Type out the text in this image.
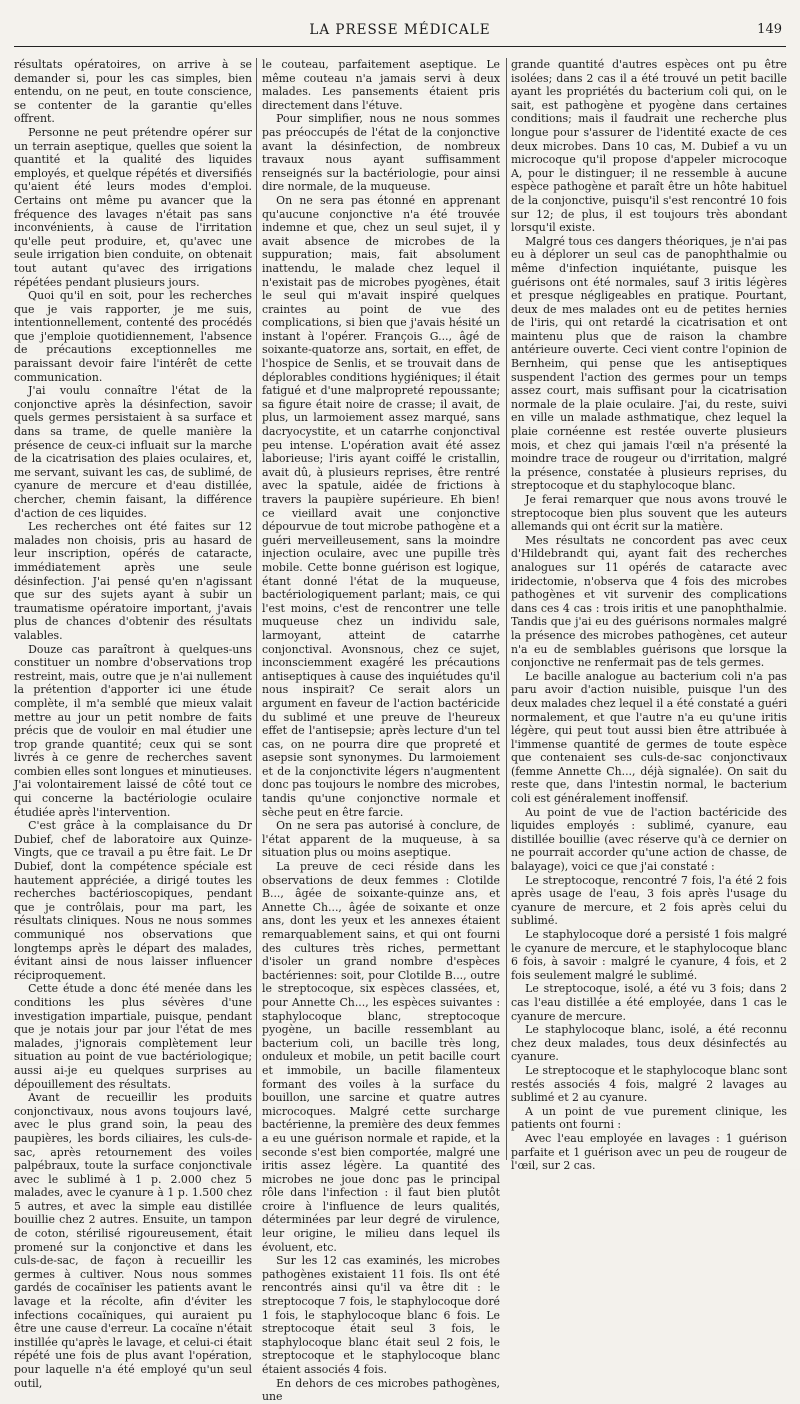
LA PRESSE MÉDICALE	149

résultats opératoires, on arrive à se demander si, pour les cas simples, bien entendu, on ne peut, en toute conscience, se contenter de la garantie qu'elles offrent.

Personne ne peut prétendre opérer sur un terrain aseptique, quelles que soient la quantité et la qualité des liquides employés, et quelque répétés et diversifiés qu'aient été leurs modes d'emploi. Certains ont même pu avancer que la fréquence des lavages n'était pas sans inconvénients, à cause de l'irritation qu'elle peut produire, et, qu'avec une seule irrigation bien conduite, on obtenait tout autant qu'avec des irrigations répétées pendant plusieurs jours.

Quoi qu'il en soit, pour les recherches que je vais rapporter, je me suis, intentionnellement, contenté des procédés que j'emploie quotidiennement, l'absence de précautions exceptionnelles me paraissant devoir faire l'intérêt de cette communication.

J'ai voulu connaître l'état de la conjonctive après la désinfection, savoir quels germes persistaient à sa surface et dans sa trame, de quelle manière la présence de ceux-ci influait sur la marche de la cicatrisation des plaies oculaires, et, me servant, suivant les cas, de sublimé, de cyanure de mercure et d'eau distillée, chercher, chemin faisant, la différence d'action de ces liquides.

Les recherches ont été faites sur 12 malades non choisis, pris au hasard de leur inscription, opérés de cataracte, immédiatement après une seule désinfection. J'ai pensé qu'en n'agissant que sur des sujets ayant à subir un traumatisme opératoire important, j'avais plus de chances d'obtenir des résultats valables.

Douze cas paraîtront à quelques-uns constituer un nombre d'observations trop restreint, mais, outre que je n'ai nullement la prétention d'apporter ici une étude complète, il m'a semblé que mieux valait mettre au jour un petit nombre de faits précis que de vouloir en mal étudier une trop grande quantité; ceux qui se sont livrés à ce genre de recherches savent combien elles sont longues et minutieuses. J'ai volontairement laissé de côté tout ce qui concerne la bactériologie oculaire étudiée après l'intervention.

C'est grâce à la complaisance du Dr Dubief, chef de laboratoire aux Quinze-Vingts, que ce travail a pu être fait. Le Dr Dubief, dont la compétence spéciale est hautement appréciée, a dirigé toutes les recherches bactérioscopiques, pendant que je contrôlais, pour ma part, les résultats cliniques. Nous ne nous sommes communiqué nos observations que longtemps après le départ des malades, évitant ainsi de nous laisser influencer réciproquement.

Cette étude a donc été menée dans les conditions les plus sévères d'une investigation impartiale, puisque, pendant que je notais jour par jour l'état de mes malades, j'ignorais complètement leur situation au point de vue bactériologique; aussi ai-je eu quelques surprises au dépouillement des résultats.

Avant de recueillir les produits conjonctivaux, nous avons toujours lavé, avec le plus grand soin, la peau des paupières, les bords ciliaires, les culs-de-sac, après retournement des voiles palpébraux, toute la surface conjonctivale avec le sublimé à 1 p. 2.000 chez 5 malades, avec le cyanure à 1 p. 1.500 chez 5 autres, et avec la simple eau distillée bouillie chez 2 autres. Ensuite, un tampon de coton, stérilisé rigoureusement, était promené sur la conjonctive et dans les culs-de-sac, de façon à recueillir les germes à cultiver. Nous nous sommes gardés de cocaïniser les patients avant le lavage et la récolte, afin d'éviter les infections cocaïniques, qui auraient pu être une cause d'erreur. La cocaïne n'était instillée qu'après le lavage, et celui-ci était répété une fois de plus avant l'opération, pour laquelle n'a été employé qu'un seul outil,

le couteau, parfaitement aseptique. Le même couteau n'a jamais servi à deux malades. Les pansements étaient pris directement dans l'étuve.

Pour simplifier, nous ne nous sommes pas préoccupés de l'état de la conjonctive avant la désinfection, de nombreux travaux nous ayant suffisamment renseignés sur la bactériologie, pour ainsi dire normale, de la muqueuse.

On ne sera pas étonné en apprenant qu'aucune conjonctive n'a été trouvée indemne et que, chez un seul sujet, il y avait absence de microbes de la suppuration; mais, fait absolument inattendu, le malade chez lequel il n'existait pas de microbes pyogènes, était le seul qui m'avait inspiré quelques craintes au point de vue des complications, si bien que j'avais hésité un instant à l'opérer. François G..., âgé de soixante-quatorze ans, sortait, en effet, de l'hospice de Senlis, et se trouvait dans de déplorables conditions hygiéniques; il était fatigué et d'une malpropreté repoussante; sa figure était noire de crasse; il avait, de plus, un larmoiement assez marqué, sans dacryocystite, et un catarrhe conjonctival peu intense. L'opération avait été assez laborieuse; l'iris ayant coiffé le cristallin, avait dû, à plusieurs reprises, être rentré avec la spatule, aidée de frictions à travers la paupière supérieure. Eh bien! ce vieillard avait une conjonctive dépourvue de tout microbe pathogène et a guéri merveilleusement, sans la moindre injection oculaire, avec une pupille très mobile. Cette bonne guérison est logique, étant donné l'état de la muqueuse, bactériologiquement parlant; mais, ce qui l'est moins, c'est de rencontrer une telle muqueuse chez un individu sale, larmoyant, atteint de catarrhe conjonctival. Avonsnous, chez ce sujet, inconsciemment exagéré les précautions antiseptiques à cause des inquiétudes qu'il nous inspirait? Ce serait alors un argument en faveur de l'action bactéricide du sublimé et une preuve de l'heureux effet de l'antisepsie; après lecture d'un tel cas, on ne pourra dire que propreté et asepsie sont synonymes. Du larmoiement et de la conjonctivite légers n'augmentent donc pas toujours le nombre des microbes, tandis qu'une conjonctive normale et sèche peut en être farcie.

On ne sera pas autorisé à conclure, de l'état apparent de la muqueuse, à sa situation plus ou moins aseptique.

La preuve de ceci réside dans les observations de deux femmes : Clotilde B..., âgée de soixante-quinze ans, et Annette Ch..., âgée de soixante et onze ans, dont les yeux et les annexes étaient remarquablement sains, et qui ont fourni des cultures très riches, permettant d'isoler un grand nombre d'espèces bactériennes: soit, pour Clotilde B..., outre le streptocoque, six espèces classées, et, pour Annette Ch..., les espèces suivantes : staphylocoque blanc, streptocoque pyogène, un bacille ressemblant au bacterium coli, un bacille très long, onduleux et mobile, un petit bacille court et immobile, un bacille filamenteux formant des voiles à la surface du bouillon, une sarcine et quatre autres microcoques. Malgré cette surcharge bactérienne, la première des deux femmes a eu une guérison normale et rapide, et la seconde s'est bien comportée, malgré une iritis assez légère. La quantité des microbes ne joue donc pas le principal rôle dans l'infection : il faut bien plutôt croire à l'influence de leurs qualités, déterminées par leur degré de virulence, leur origine, le milieu dans lequel ils évoluent, etc.

Sur les 12 cas examinés, les microbes pathogènes existaient 11 fois. Ils ont été rencontrés ainsi qu'il va être dit : le streptocoque 7 fois, le staphylocoque doré 1 fois, le staphylocoque blanc 6 fois. Le streptocoque était seul 3 fois, le staphylocoque blanc était seul 2 fois, le streptocoque et le staphylocoque blanc étaient associés 4 fois.

En dehors de ces microbes pathogènes, une

grande quantité d'autres espèces ont pu être isolées; dans 2 cas il a été trouvé un petit bacille ayant les propriétés du bacterium coli qui, on le sait, est pathogène et pyogène dans certaines conditions; mais il faudrait une recherche plus longue pour s'assurer de l'identité exacte de ces deux microbes. Dans 10 cas, M. Dubief a vu un microcoque qu'il propose d'appeler microcoque A, pour le distinguer; il ne ressemble à aucune espèce pathogène et paraît être un hôte habituel de la conjonctive, puisqu'il s'est rencontré 10 fois sur 12; de plus, il est toujours très abondant lorsqu'il existe.

Malgré tous ces dangers théoriques, je n'ai pas eu à déplorer un seul cas de panophthalmie ou même d'infection inquiétante, puisque les guérisons ont été normales, sauf 3 iritis légères et presque négligeables en pratique. Pourtant, deux de mes malades ont eu de petites hernies de l'iris, qui ont retardé la cicatrisation et ont maintenu plus que de raison la chambre antérieure ouverte. Ceci vient contre l'opinion de Bernheim, qui pense que les antiseptiques suspendent l'action des germes pour un temps assez court, mais suffisant pour la cicatrisation normale de la plaie oculaire. J'ai, du reste, suivi en ville un malade asthmatique, chez lequel la plaie cornéenne est restée ouverte plusieurs mois, et chez qui jamais l'œil n'a présenté la moindre trace de rougeur ou d'irritation, malgré la présence, constatée à plusieurs reprises, du streptocoque et du staphylocoque blanc.

Je ferai remarquer que nous avons trouvé le streptocoque bien plus souvent que les auteurs allemands qui ont écrit sur la matière.

Mes résultats ne concordent pas avec ceux d'Hildebrandt qui, ayant fait des recherches analogues sur 11 opérés de cataracte avec iridectomie, n'observa que 4 fois des microbes pathogènes et vit survenir des complications dans ces 4 cas : trois iritis et une panophthalmie. Tandis que j'ai eu des guérisons normales malgré la présence des microbes pathogènes, cet auteur n'a eu de semblables guérisons que lorsque la conjonctive ne renfermait pas de tels germes.

Le bacille analogue au bacterium coli n'a pas paru avoir d'action nuisible, puisque l'un des deux malades chez lequel il a été constaté a guéri normalement, et que l'autre n'a eu qu'une iritis légère, qui peut tout aussi bien être attribuée à l'immense quantité de germes de toute espèce que contenaient ses culs-de-sac conjonctivaux (femme Annette Ch..., déjà signalée). On sait du reste que, dans l'intestin normal, le bacterium coli est généralement inoffensif.

Au point de vue de l'action bactéricide des liquides employés : sublimé, cyanure, eau distillée bouillie (avec réserve qu'à ce dernier on ne pourrait accorder qu'une action de chasse, de balayage), voici ce que j'ai constaté :

Le streptocoque, rencontré 7 fois, l'a été 2 fois après usage de l'eau, 3 fois après l'usage du cyanure de mercure, et 2 fois après celui du sublimé.

Le staphylocoque doré a persisté 1 fois malgré le cyanure de mercure, et le staphylocoque blanc 6 fois, à savoir : malgré le cyanure, 4 fois, et 2 fois seulement malgré le sublimé.

Le streptocoque, isolé, a été vu 3 fois; dans 2 cas l'eau distillée a été employée, dans 1 cas le cyanure de mercure.

Le staphylocoque blanc, isolé, a été reconnu chez deux malades, tous deux désinfectés au cyanure.

Le streptocoque et le staphylocoque blanc sont restés associés 4 fois, malgré 2 lavages au sublimé et 2 au cyanure.

A un point de vue purement clinique, les patients ont fourni :

Avec l'eau employée en lavages : 1 guérison parfaite et 1 guérison avec un peu de rougeur de l'œil, sur 2 cas.
